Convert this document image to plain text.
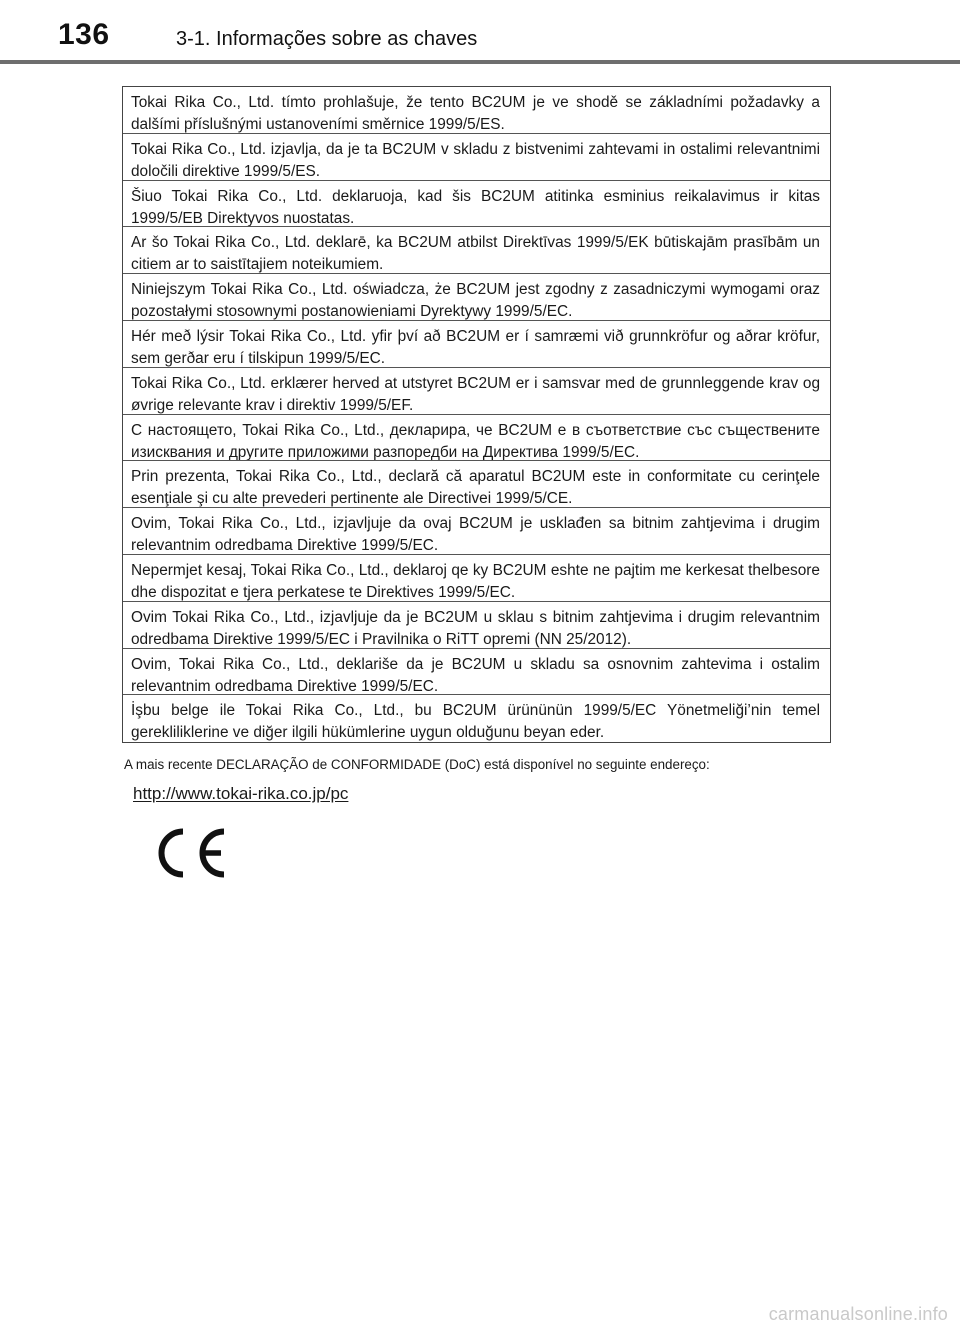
136	3-1. Informações sobre as chaves
Tokai Rika Co., Ltd. tímto prohlašuje, že tento BC2UM je ve shodě se základními požadavky a dalšími příslušnými ustanoveními směrnice 1999/5/ES.
Tokai Rika Co., Ltd. izjavlja, da je ta BC2UM v skladu z bistvenimi zahtevami in ostalimi relevantnimi določili direktive 1999/5/ES.
Šiuo Tokai Rika Co., Ltd. deklaruoja, kad šis BC2UM atitinka esminius reikalavimus ir kitas 1999/5/EB Direktyvos nuostatas.
Ar šo Tokai Rika Co., Ltd. deklarē, ka BC2UM atbilst Direktīvas 1999/5/EK būtiskajām prasībām un citiem ar to saistītajiem noteikumiem.
Niniejszym Tokai Rika Co., Ltd. oświadcza, że BC2UM jest zgodny z zasadniczymi wymogami oraz pozostałymi stosownymi postanowieniami Dyrektywy 1999/5/EC.
Hér með lýsir Tokai Rika Co., Ltd. yfir því að BC2UM er í samræmi við grunnkröfur og aðrar kröfur, sem gerðar eru í tilskipun 1999/5/EC.
Tokai Rika Co., Ltd. erklærer herved at utstyret BC2UM er i samsvar med de grunnleggende krav og øvrige relevante krav i direktiv 1999/5/EF.
С настоящето, Tokai Rika Co., Ltd., декларира, че BC2UM е в съответствие със съществените изисквания и другите приложими разпоредби на Директива 1999/5/ЕС.
Prin prezenta, Tokai Rika Co., Ltd., declară că aparatul BC2UM este in conformitate cu cerinţele esenţiale şi cu alte prevederi pertinente ale Directivei 1999/5/CE.
Ovim, Tokai Rika Co., Ltd., izjavljuje da ovaj BC2UM je usklađen sa bitnim zahtjevima i drugim relevantnim odredbama Direktive 1999/5/EC.
Nepermjet kesaj, Tokai Rika Co., Ltd., deklaroj qe ky BC2UM eshte ne pajtim me kerkesat thelbesore dhe dispozitat e tjera perkatese te Direktives 1999/5/EC.
Ovim Tokai Rika Co., Ltd., izjavljuje da je BC2UM u sklau s bitnim zahtjevima i drugim relevantnim odredbama Direktive 1999/5/EC i Pravilnika o RiTT opremi (NN 25/2012).
Ovim, Tokai Rika Co., Ltd., deklariše da je BC2UM u skladu sa osnovnim zahtevima i ostalim relevantnim odredbama Direktive 1999/5/EC.
İşbu belge ile Tokai Rika Co., Ltd., bu BC2UM ürününün 1999/5/EC Yönetmeliği’nin temel gerekliliklerine ve diğer ilgili hükümlerine uygun olduğunu beyan eder.
A mais recente DECLARAÇÃO de CONFORMIDADE (DoC) está disponível no seguinte endereço:
http://www.tokai-rika.co.jp/pc
carmanualsonline.info
